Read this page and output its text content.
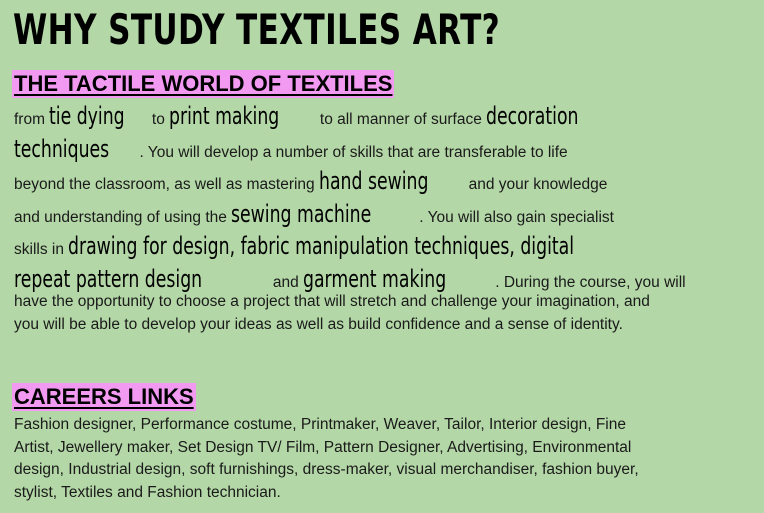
WHY STUDY TEXTILES ART?
THE TACTILE WORLD OF TEXTILES
from tie dying to print making to all manner of surface decoration
techniques . You will develop a number of skills that are transferable to life
beyond the classroom, as well as mastering hand sewing and your knowledge
and understanding of using the sewing machine	. You will also gain specialist
skills in drawing for design, fabric manipulation techniques, digital
repeat pattern design	and garment making	. During the course, you will

have the opportunity to choose a project that will stretch and challenge your imagination, and you will be able to develop your ideas as well as build confidence and a sense of identity.

CAREERS LINKS

Fashion designer, Performance costume, Printmaker, Weaver, Tailor, Interior design, Fine Artist, Jewellery maker, Set Design TV/ Film, Pattern Designer, Advertising, Environmental design, Industrial design, soft furnishings, dress-maker, visual merchandiser, fashion buyer, stylist, Textiles and Fashion technician.
